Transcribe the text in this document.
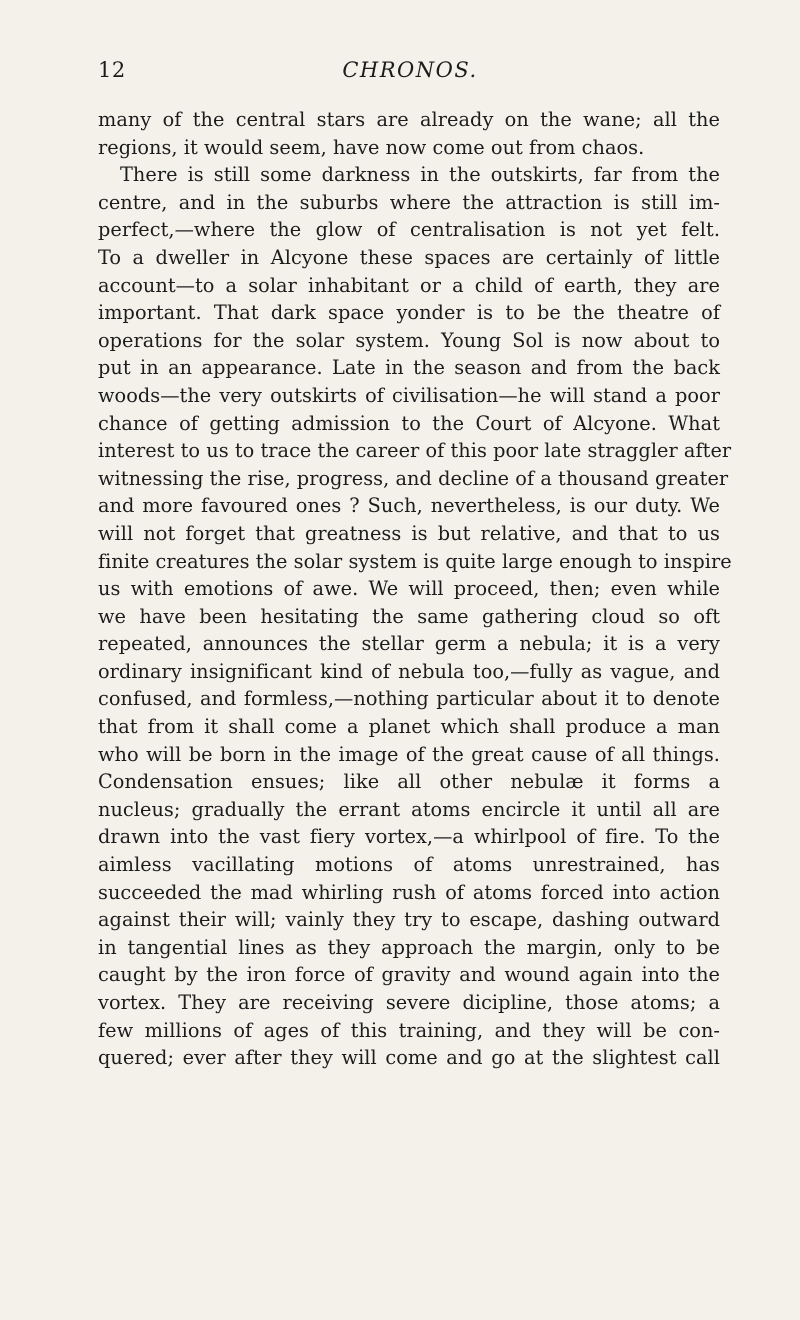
12	CHRONOS.
many of the central stars are already on the wane; all the
regions, it would seem, have now come out from chaos.
There is still some darkness in the outskirts, far from the
centre, and in the suburbs where the attraction is still im-
perfect,—where the glow of centralisation is not yet felt.
To a dweller in Alcyone these spaces are certainly of little
account—to a solar inhabitant or a child of earth, they are
important. That dark space yonder is to be the theatre of
operations for the solar system. Young Sol is now about to
put in an appearance. Late in the season and from the back
woods—the very outskirts of civilisation—he will stand a poor
chance of getting admission to the Court of Alcyone. What
interest to us to trace the career of this poor late straggler after
witnessing the rise, progress, and decline of a thousand greater
and more favoured ones ? Such, nevertheless, is our duty. We
will not forget that greatness is but relative, and that to us
finite creatures the solar system is quite large enough to inspire
us with emotions of awe. We will proceed, then; even while
we have been hesitating the same gathering cloud so oft
repeated, announces the stellar germ a nebula; it is a very
ordinary insignificant kind of nebula too,—fully as vague, and
confused, and formless,—nothing particular about it to denote
that from it shall come a planet which shall produce a man
who will be born in the image of the great cause of all things.
Condensation ensues; like all other nebulæ it forms a
nucleus; gradually the errant atoms encircle it until all are
drawn into the vast fiery vortex,—a whirlpool of fire. To the
aimless vacillating motions of atoms unrestrained, has
succeeded the mad whirling rush of atoms forced into action
against their will; vainly they try to escape, dashing outward
in tangential lines as they approach the margin, only to be
caught by the iron force of gravity and wound again into the
vortex. They are receiving severe dicipline, those atoms; a
few millions of ages of this training, and they will be con-
quered; ever after they will come and go at the slightest call
